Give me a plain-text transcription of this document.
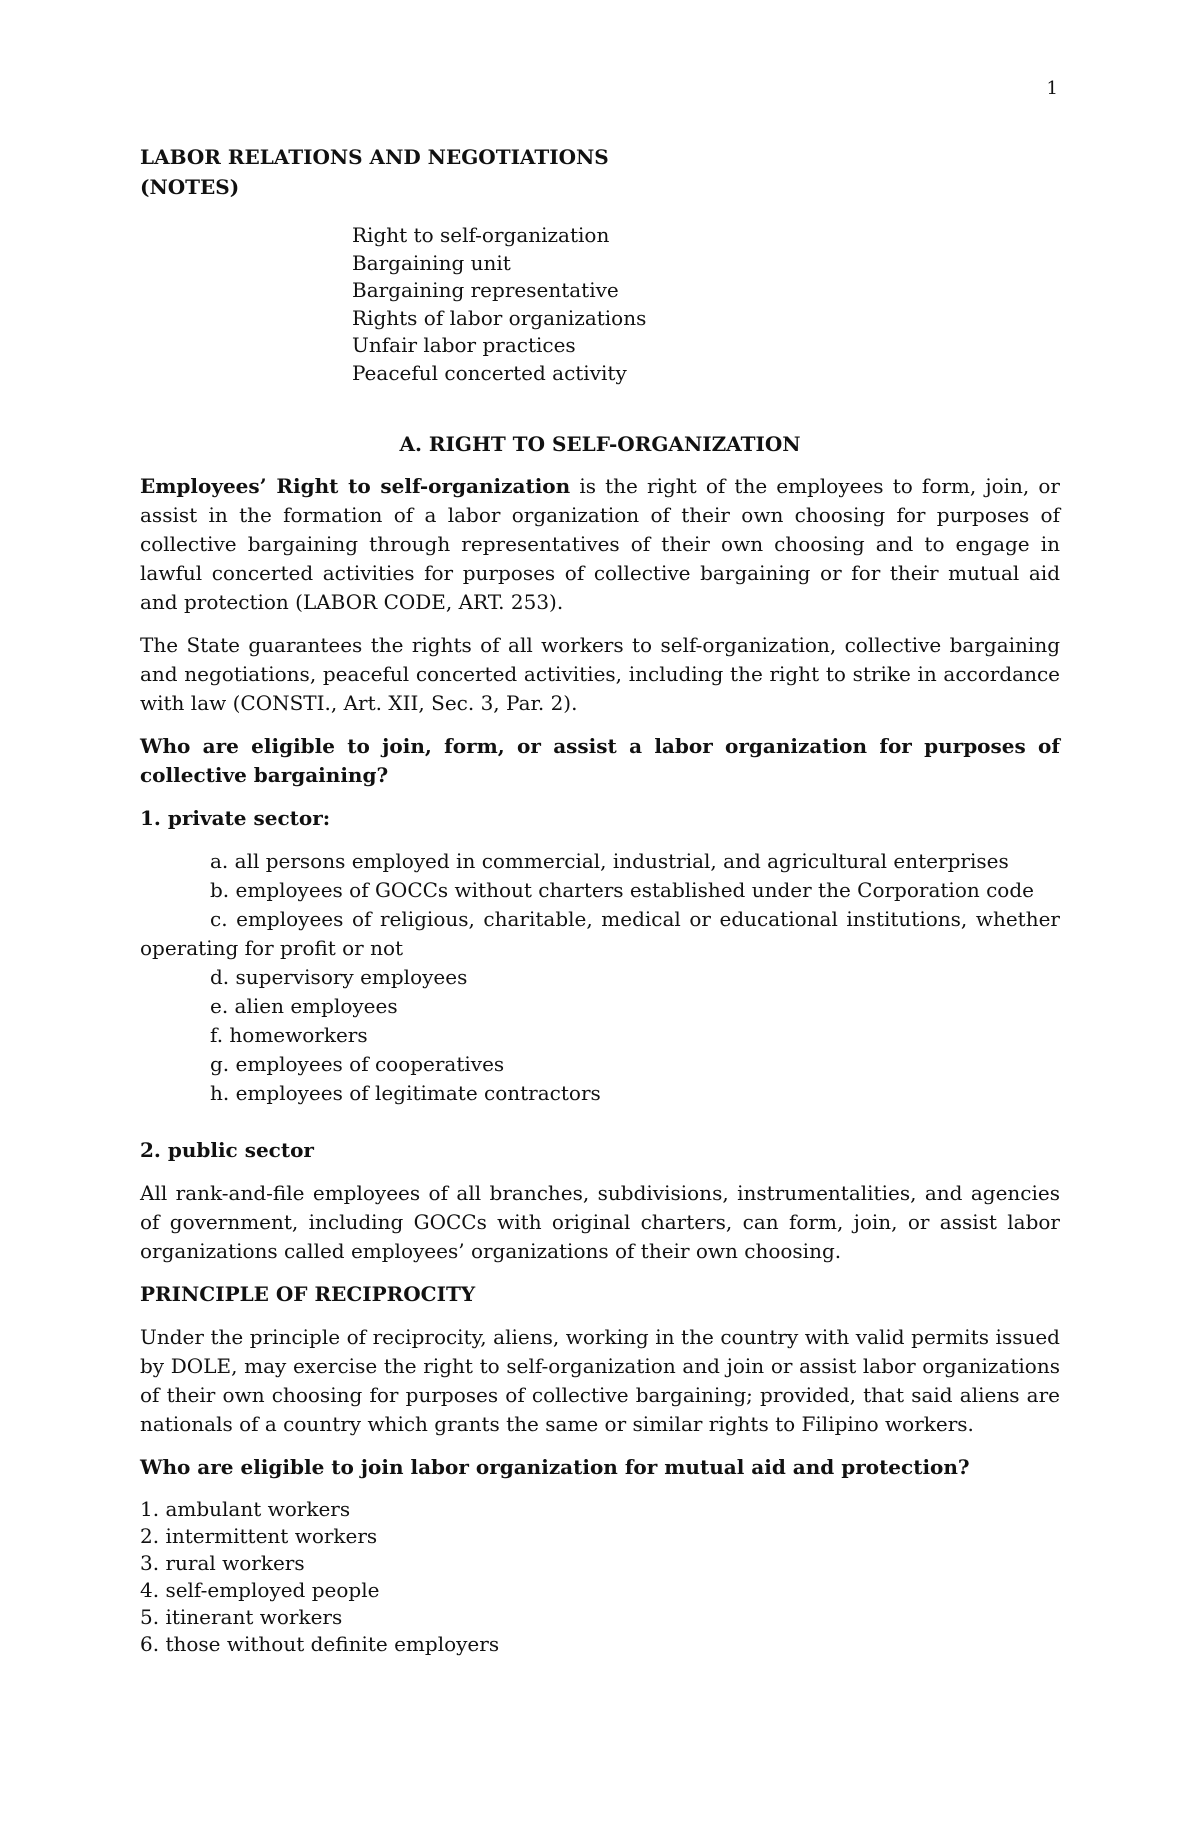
1
LABOR RELATIONS AND NEGOTIATIONS
(NOTES)
Right to self-organization
Bargaining unit
Bargaining representative
Rights of labor organizations
Unfair labor practices
Peaceful concerted activity
A. RIGHT TO SELF-ORGANIZATION

Employees’ Right to self-organization is the right of the employees to form, join, or assist in the formation of a labor organization of their own choosing for purposes of collective bargaining through representatives of their own choosing and to engage in lawful concerted activities for purposes of collective bargaining or for their mutual aid and protection (LABOR CODE, ART. 253).

The State guarantees the rights of all workers to self-organization, collective bargaining and negotiations, peaceful concerted activities, including the right to strike in accordance with law (CONSTI., Art. XII, Sec. 3, Par. 2).

Who are eligible to join, form, or assist a labor organization for purposes of collective bargaining?

1. private sector:

a. all persons employed in commercial, industrial, and agricultural enterprises
b. employees of GOCCs without charters established under the Corporation code
c. employees of religious, charitable, medical or educational institutions, whether operating for profit or not
d. supervisory employees
e. alien employees
f. homeworkers
g. employees of cooperatives
h. employees of legitimate contractors

2. public sector

All rank-and-file employees of all branches, subdivisions, instrumentalities, and agencies of government, including GOCCs with original charters, can form, join, or assist labor organizations called employees’ organizations of their own choosing.

PRINCIPLE OF RECIPROCITY

Under the principle of reciprocity, aliens, working in the country with valid permits issued by DOLE, may exercise the right to self-organization and join or assist labor organizations of their own choosing for purposes of collective bargaining; provided, that said aliens are nationals of a country which grants the same or similar rights to Filipino workers.

Who are eligible to join labor organization for mutual aid and protection?

1. ambulant workers
2. intermittent workers
3. rural workers
4. self-employed people
5. itinerant workers
6. those without definite employers
